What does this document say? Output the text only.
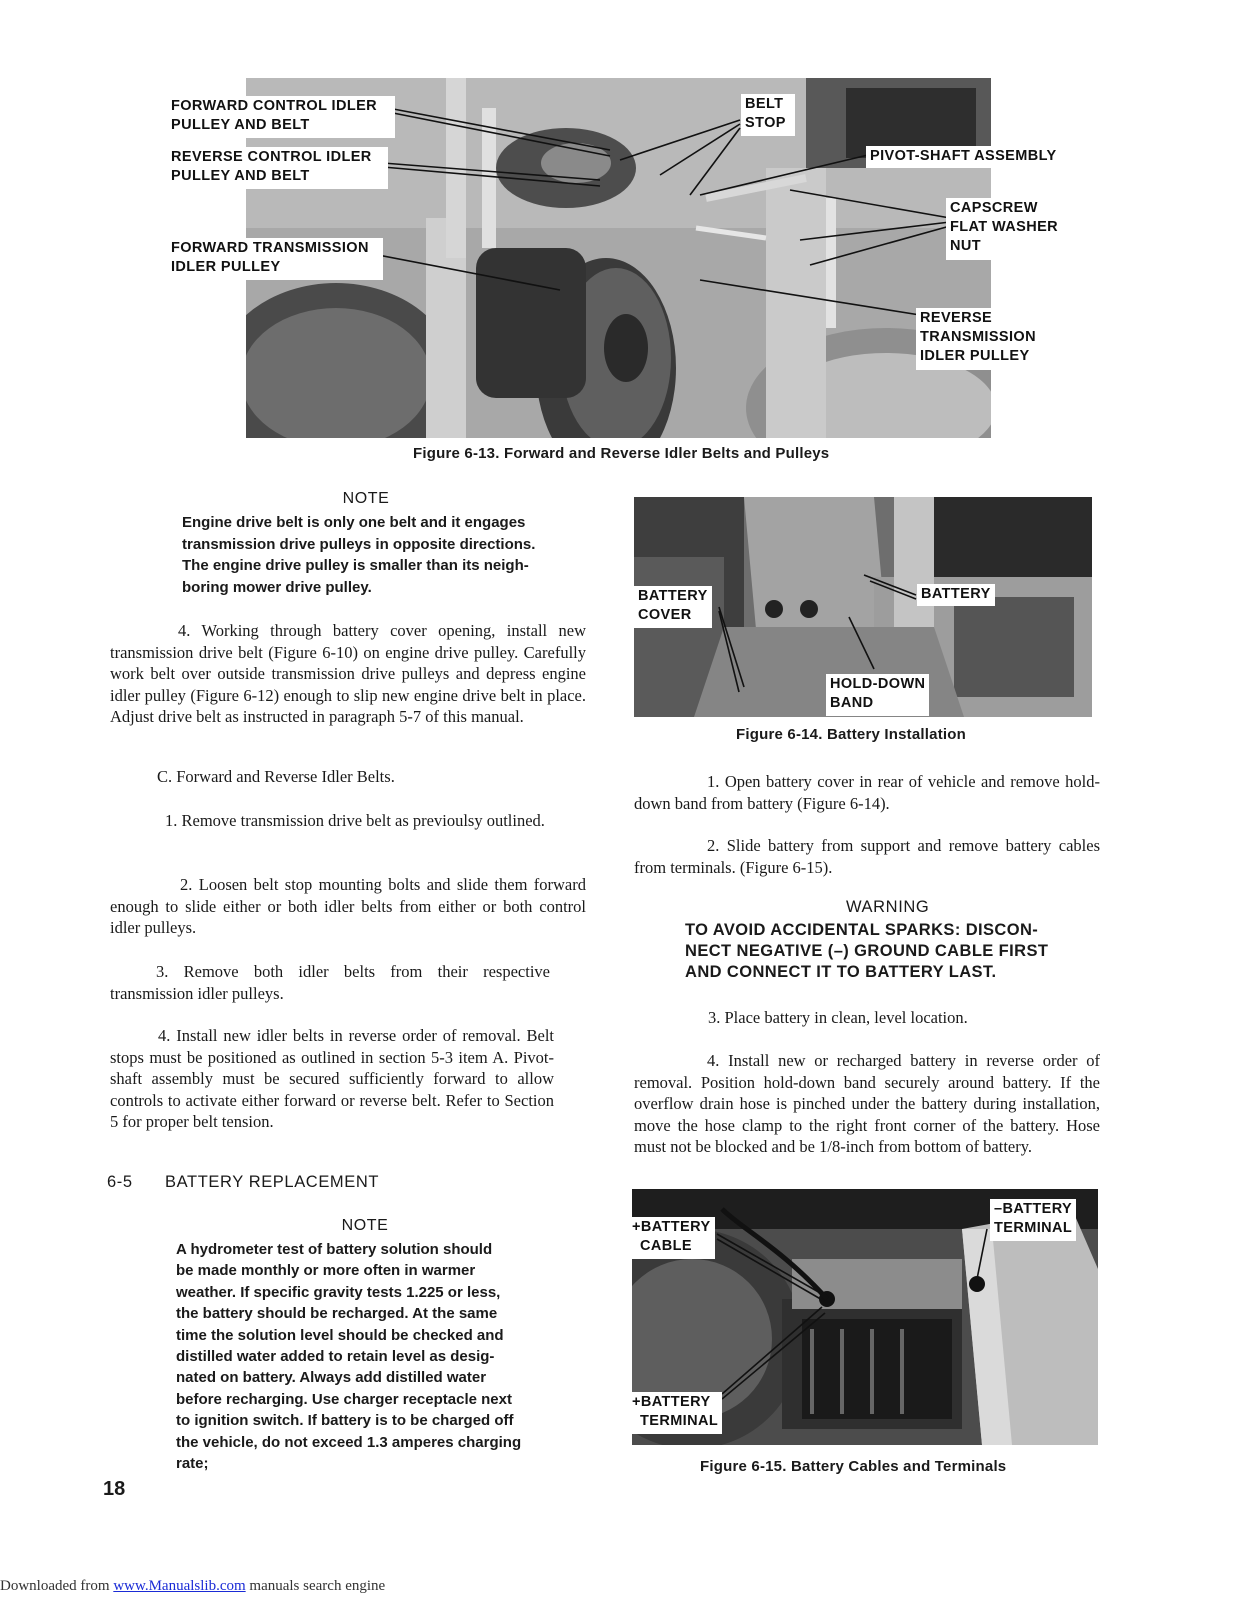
FORWARD CONTROL IDLER
PULLEY AND BELT
REVERSE CONTROL IDLER
PULLEY AND BELT
FORWARD TRANSMISSION
IDLER PULLEY
BELT
STOP
PIVOT-SHAFT ASSEMBLY
CAPSCREW
FLAT WASHER
NUT
REVERSE
TRANSMISSION
IDLER PULLEY
Figure 6-13. Forward and Reverse Idler Belts and Pulleys
NOTE
Engine drive belt is only one belt and it engages
transmission drive pulleys in opposite directions.
The engine drive pulley is smaller than its neigh-
boring mower drive pulley.
4. Working through battery cover opening, install new transmission drive belt (Figure 6-10) on engine drive pulley. Carefully work belt over outside transmission drive pulleys and depress engine idler pulley (Figure 6-12) enough to slip new engine drive belt in place. Adjust drive belt as instructed in paragraph 5-7 of this manual.
C. Forward and Reverse Idler Belts.
1. Remove transmission drive belt as previoulsy outlined.
2. Loosen belt stop mounting bolts and slide them forward enough to slide either or both idler belts from either or both control idler pulleys.
3. Remove both idler belts from their respective transmission idler pulleys.
4. Install new idler belts in reverse order of removal. Belt stops must be positioned as outlined in section 5-3 item A. Pivot-shaft assembly must be secured sufficiently forward to allow controls to activate either forward or reverse belt. Refer to Section 5 for proper belt tension.
6-5 BATTERY REPLACEMENT
NOTE
A hydrometer test of battery solution should
be made monthly or more often in warmer
weather. If specific gravity tests 1.225 or less,
the battery should be recharged. At the same
time the solution level should be checked and
distilled water added to retain level as desig-
nated on battery. Always add distilled water
before recharging. Use charger receptacle next
to ignition switch. If battery is to be charged off
the vehicle, do not exceed 1.3 amperes charging
rate;
18
BATTERY
COVER
BATTERY
HOLD-DOWN
BAND
Figure 6-14. Battery Installation
1. Open battery cover in rear of vehicle and remove hold-down band from battery (Figure 6-14).
2. Slide battery from support and remove battery cables from terminals. (Figure 6-15).
WARNING
TO AVOID ACCIDENTAL SPARKS: DISCON-
NECT NEGATIVE (–) GROUND CABLE FIRST
AND CONNECT IT TO BATTERY LAST.
3. Place battery in clean, level location.
4. Install new or recharged battery in reverse order of removal. Position hold-down band securely around battery. If the overflow drain hose is pinched under the battery during installation, move the hose clamp to the right front corner of the battery. Hose must not be blocked and be 1/8-inch from bottom of battery.
+BATTERY
CABLE
–BATTERY
TERMINAL
+BATTERY
TERMINAL
Figure 6-15. Battery Cables and Terminals
Downloaded from www.Manualslib.com manuals search engine
